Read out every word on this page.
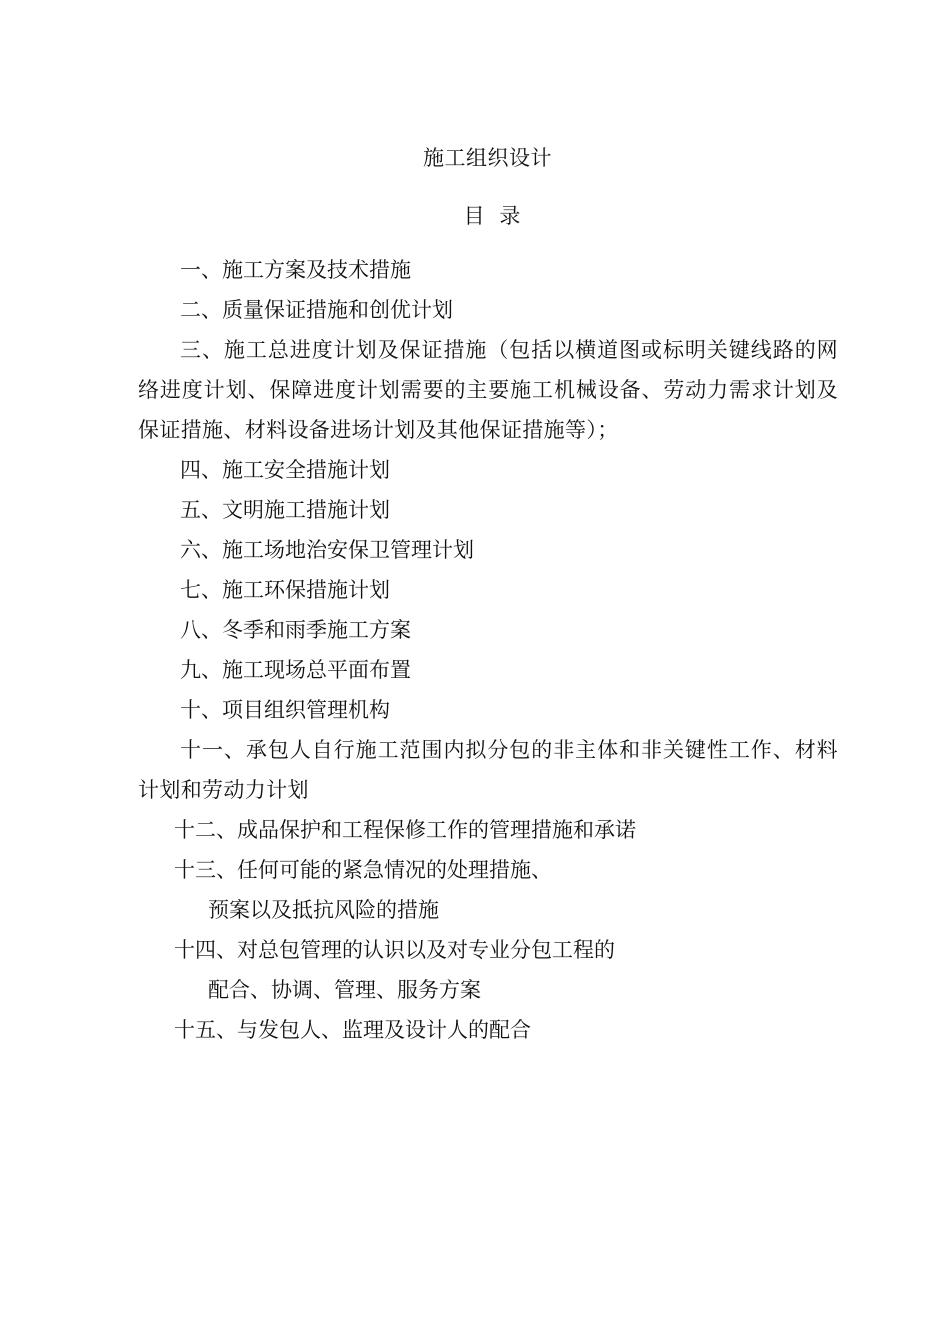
施工组织设计
目 录
一、施工方案及技术措施
二、质量保证措施和创优计划
三、施工总进度计划及保证措施（包括以横道图或标明关键线路的网络进度计划、保障进度计划需要的主要施工机械设备、劳动力需求计划及保证措施、材料设备进场计划及其他保证措施等）；
四、施工安全措施计划
五、文明施工措施计划
六、施工场地治安保卫管理计划
七、施工环保措施计划
八、冬季和雨季施工方案
九、施工现场总平面布置
十、项目组织管理机构
十一、承包人自行施工范围内拟分包的非主体和非关键性工作、材料计划和劳动力计划
十二、成品保护和工程保修工作的管理措施和承诺
十三、任何可能的紧急情况的处理措施、
预案以及抵抗风险的措施
十四、对总包管理的认识以及对专业分包工程的
配合、协调、管理、服务方案
十五、与发包人、监理及设计人的配合
